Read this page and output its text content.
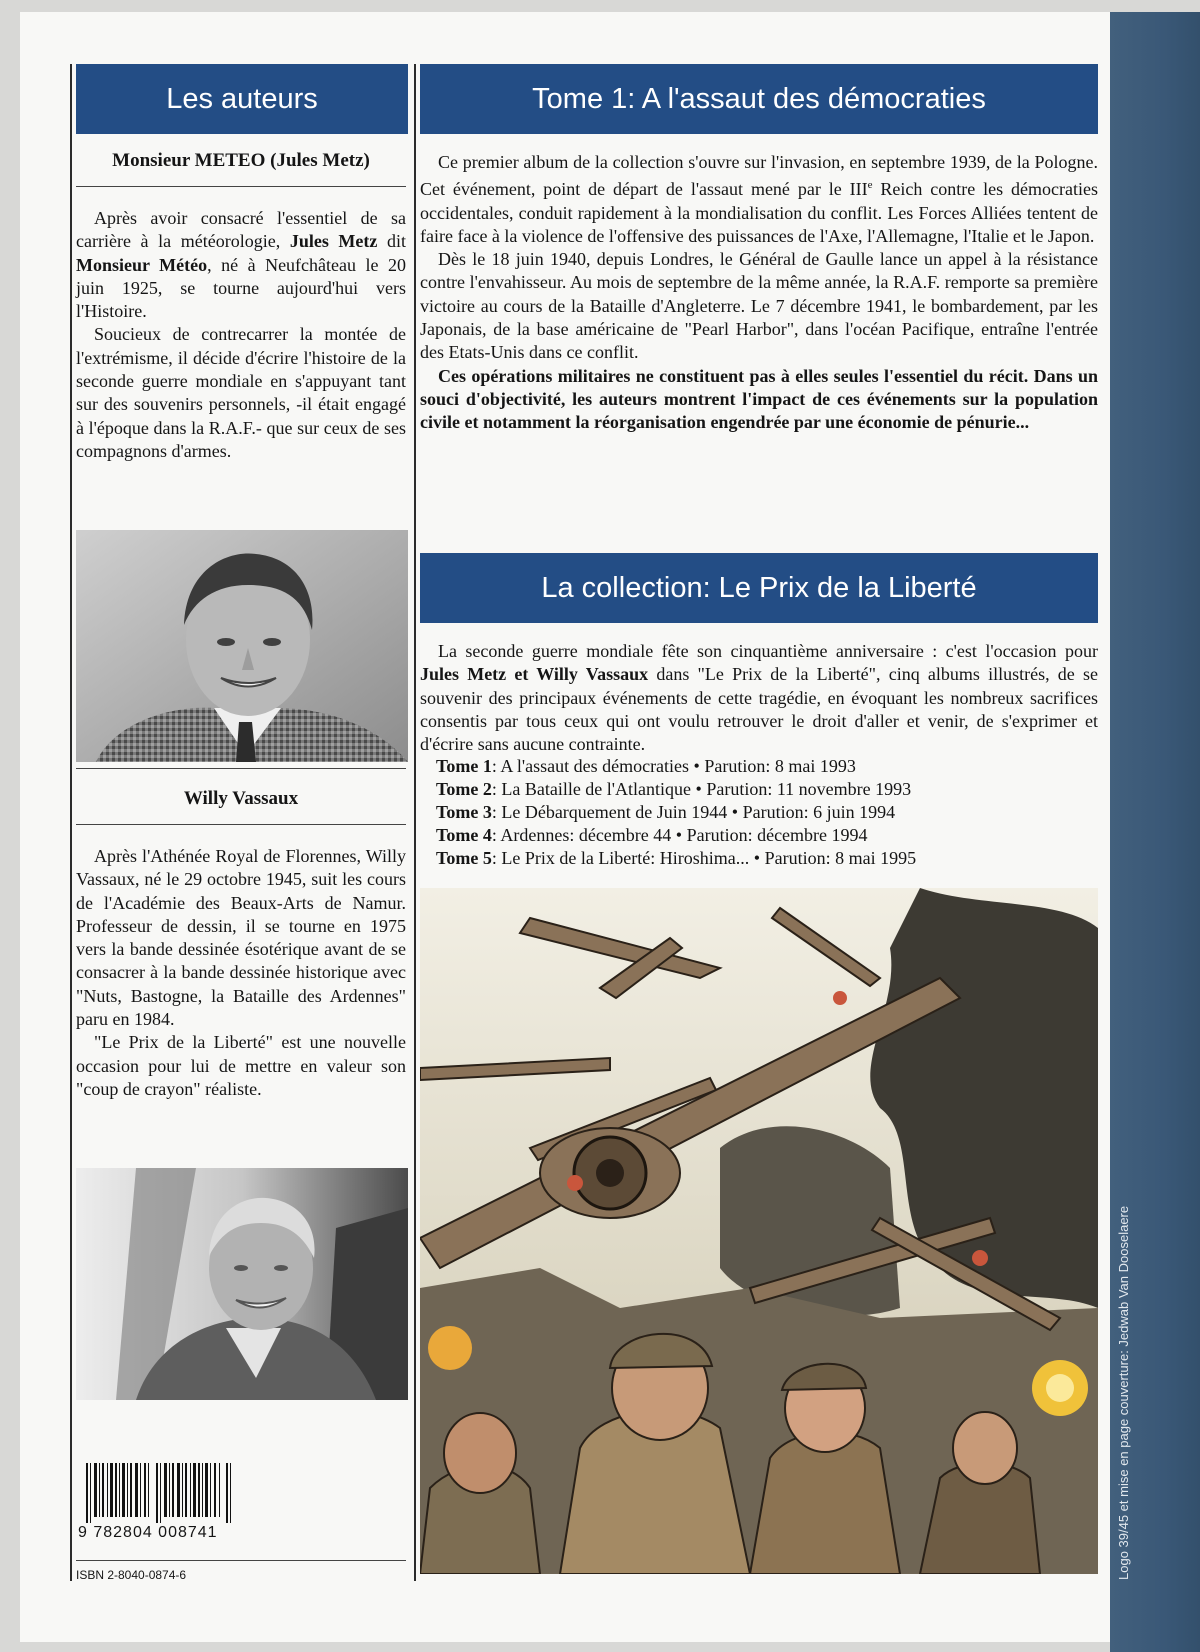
Logo 39/45 et mise en page couverture: Jedwab Van Dooselaere
Les auteurs
Monsieur METEO (Jules Metz)

Après avoir consacré l'essentiel de sa carrière à la météorologie, Jules Metz dit Monsieur Météo, né à Neufchâteau le 20 juin 1925, se tourne aujourd'hui vers l'Histoire.

Soucieux de contrecarrer la montée de l'extrémisme, il décide d'écrire l'histoire de la seconde guerre mondiale en s'appuyant tant sur des souvenirs personnels, -il était engagé à l'époque dans la R.A.F.- que sur ceux de ses compagnons d'armes.

Willy Vassaux

Après l'Athénée Royal de Florennes, Willy Vassaux, né le 29 octobre 1945, suit les cours de l'Académie des Beaux-Arts de Namur. Professeur de dessin, il se tourne en 1975 vers la bande dessinée ésotérique avant de se consacrer à la bande dessinée historique avec "Nuts, Bastogne, la Bataille des Ardennes" paru en 1984.

"Le Prix de la Liberté" est une nouvelle occasion pour lui de mettre en valeur son "coup de crayon" réaliste.

9 782804 008741
ISBN 2-8040-0874-6
Tome 1: A l'assaut des démocraties

Ce premier album de la collection s'ouvre sur l'invasion, en septembre 1939, de la Pologne. Cet événement, point de départ de l'assaut mené par le IIIe Reich contre les démocraties occidentales, conduit rapidement à la mondialisation du conflit. Les Forces Alliées tentent de faire face à la violence de l'offensive des puissances de l'Axe, l'Allemagne, l'Italie et le Japon.

Dès le 18 juin 1940, depuis Londres, le Général de Gaulle lance un appel à la résistance contre l'envahisseur. Au mois de septembre de la même année, la R.A.F. remporte sa première victoire au cours de la Bataille d'Angleterre. Le 7 décembre 1941, le bombardement, par les Japonais, de la base américaine de "Pearl Harbor", dans l'océan Pacifique, entraîne l'entrée des Etats-Unis dans ce conflit.

Ces opérations militaires ne constituent pas à elles seules l'essentiel du récit. Dans un souci d'objectivité, les auteurs montrent l'impact de ces événements sur la population civile et notamment la réorganisation engendrée par une économie de pénurie...

La collection: Le Prix de la Liberté

La seconde guerre mondiale fête son cinquantième anniversaire : c'est l'occasion pour Jules Metz et Willy Vassaux dans "Le Prix de la Liberté", cinq albums illustrés, de se souvenir des principaux événements de cette tragédie, en évoquant les nombreux sacrifices consentis par tous ceux qui ont voulu retrouver le droit d'aller et venir, de s'exprimer et d'écrire sans aucune contrainte.

Tome 1: A l'assaut des démocraties • Parution: 8 mai 1993
Tome 2: La Bataille de l'Atlantique • Parution: 11 novembre 1993
Tome 3: Le Débarquement de Juin 1944 • Parution: 6 juin 1994
Tome 4: Ardennes: décembre 44 • Parution: décembre 1994
Tome 5: Le Prix de la Liberté: Hiroshima... • Parution: 8 mai 1995
